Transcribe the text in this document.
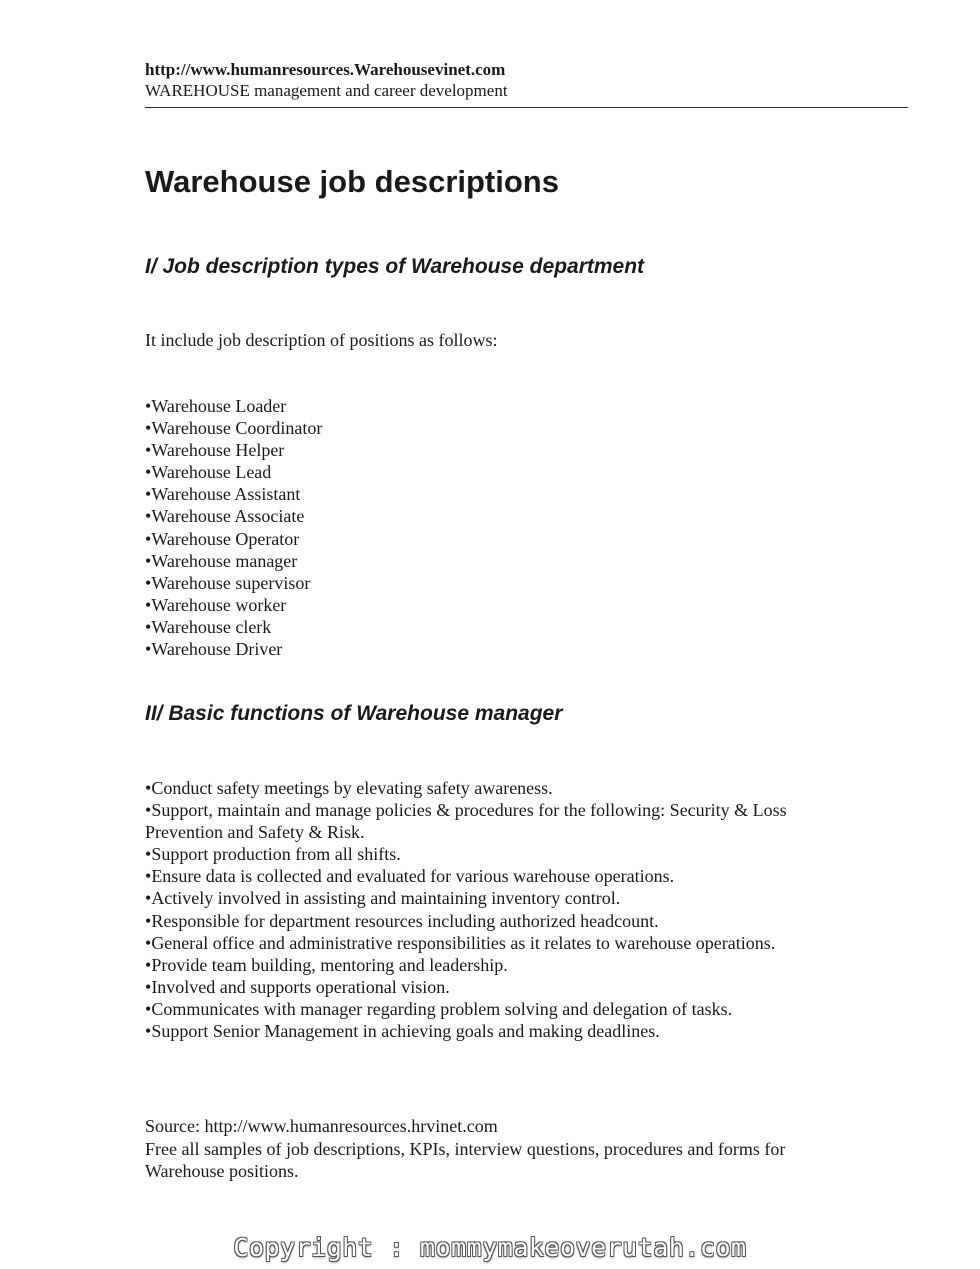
http://www.humanresources.Warehousevinet.com
WAREHOUSE management and career development
Warehouse job descriptions
I/ Job description types of Warehouse department
It include job description of positions as follows:
• Warehouse Loader
• Warehouse Coordinator
• Warehouse Helper
• Warehouse Lead
• Warehouse Assistant
• Warehouse Associate
• Warehouse Operator
• Warehouse manager
• Warehouse supervisor
• Warehouse worker
• Warehouse clerk
• Warehouse Driver
II/ Basic functions of Warehouse manager
• Conduct safety meetings by elevating safety awareness.
• Support, maintain and manage policies & procedures for the following: Security & Loss Prevention and Safety & Risk.
• Support production from all shifts.
• Ensure data is collected and evaluated for various warehouse operations.
• Actively involved in assisting and maintaining inventory control.
• Responsible for department resources including authorized headcount.
• General office and administrative responsibilities as it relates to warehouse operations.
• Provide team building, mentoring and leadership.
• Involved and supports operational vision.
• Communicates with manager regarding problem solving and delegation of tasks.
• Support Senior Management in achieving goals and making deadlines.
Source: http://www.humanresources.hrvinet.com
Free all samples of job descriptions, KPIs, interview questions, procedures and forms for Warehouse positions.
Copyright : mommymakeoverutah.com
